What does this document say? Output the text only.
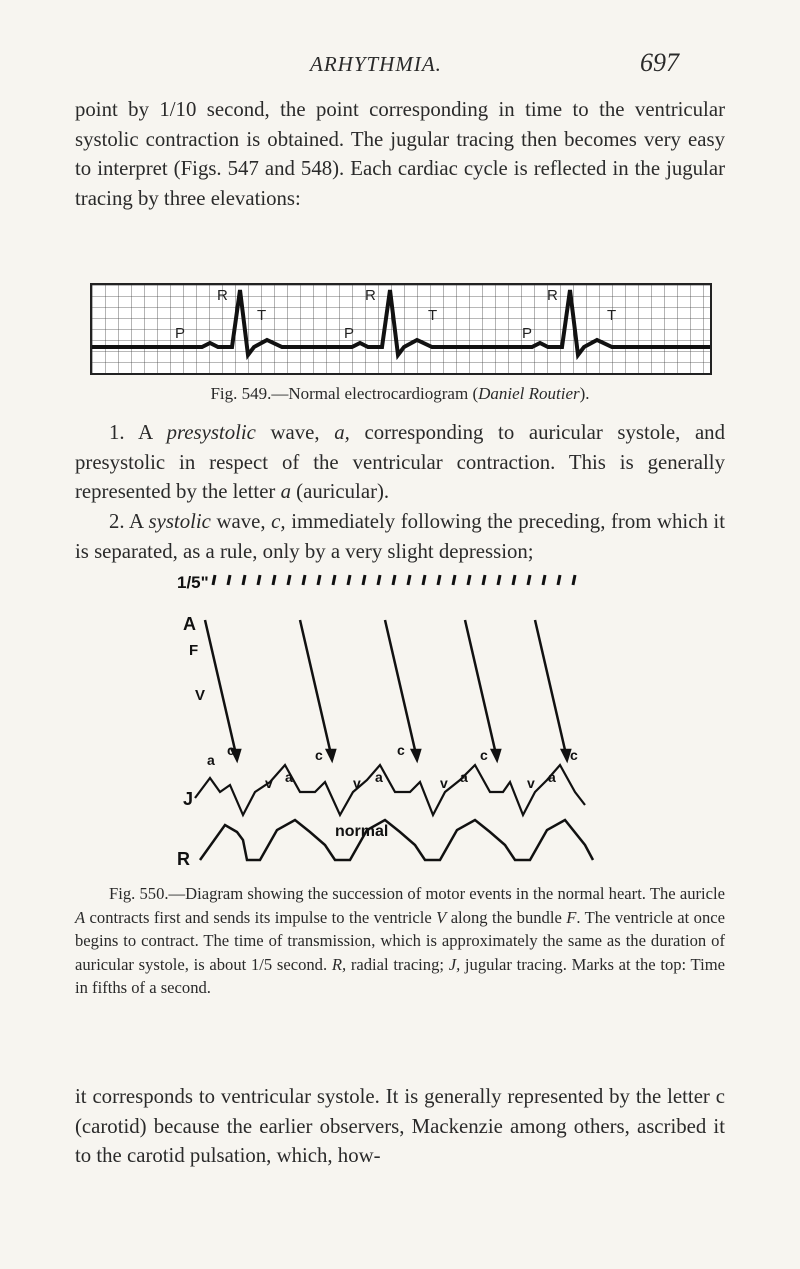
ARHYTHMIA.	697

point by 1/10 second, the point corresponding in time to the ventricular systolic contraction is obtained. The jugular tracing then becomes very easy to interpret (Figs. 547 and 548). Each cardiac cycle is reflected in the jugular tracing by three elevations:

R
T
P
R
T
P
R
T
P
Fig. 549.—Normal electrocardiogram (Daniel Routier).

1. A presystolic wave, a, corresponding to auricular systole, and presystolic in respect of the ventricular contraction. This is generally represented by the letter a (auricular).

2. A systolic wave, c, immediately following the preceding, from which it is separated, as a rule, only by a very slight depression;

1/5"
A
F
V
J
a
c
v a
c
v a
c
v a
c
v a
c
normal
R
Fig. 550.—Diagram showing the succession of motor events in the normal heart. The auricle A contracts first and sends its impulse to the ventricle V along the bundle F. The ventricle at once begins to contract. The time of transmission, which is approximately the same as the duration of auricular systole, is about 1/5 second. R, radial tracing; J, jugular tracing. Marks at the top: Time in fifths of a second.

it corresponds to ventricular systole. It is generally represented by the letter c (carotid) because the earlier observers, Mackenzie among others, ascribed it to the carotid pulsation, which, how-
